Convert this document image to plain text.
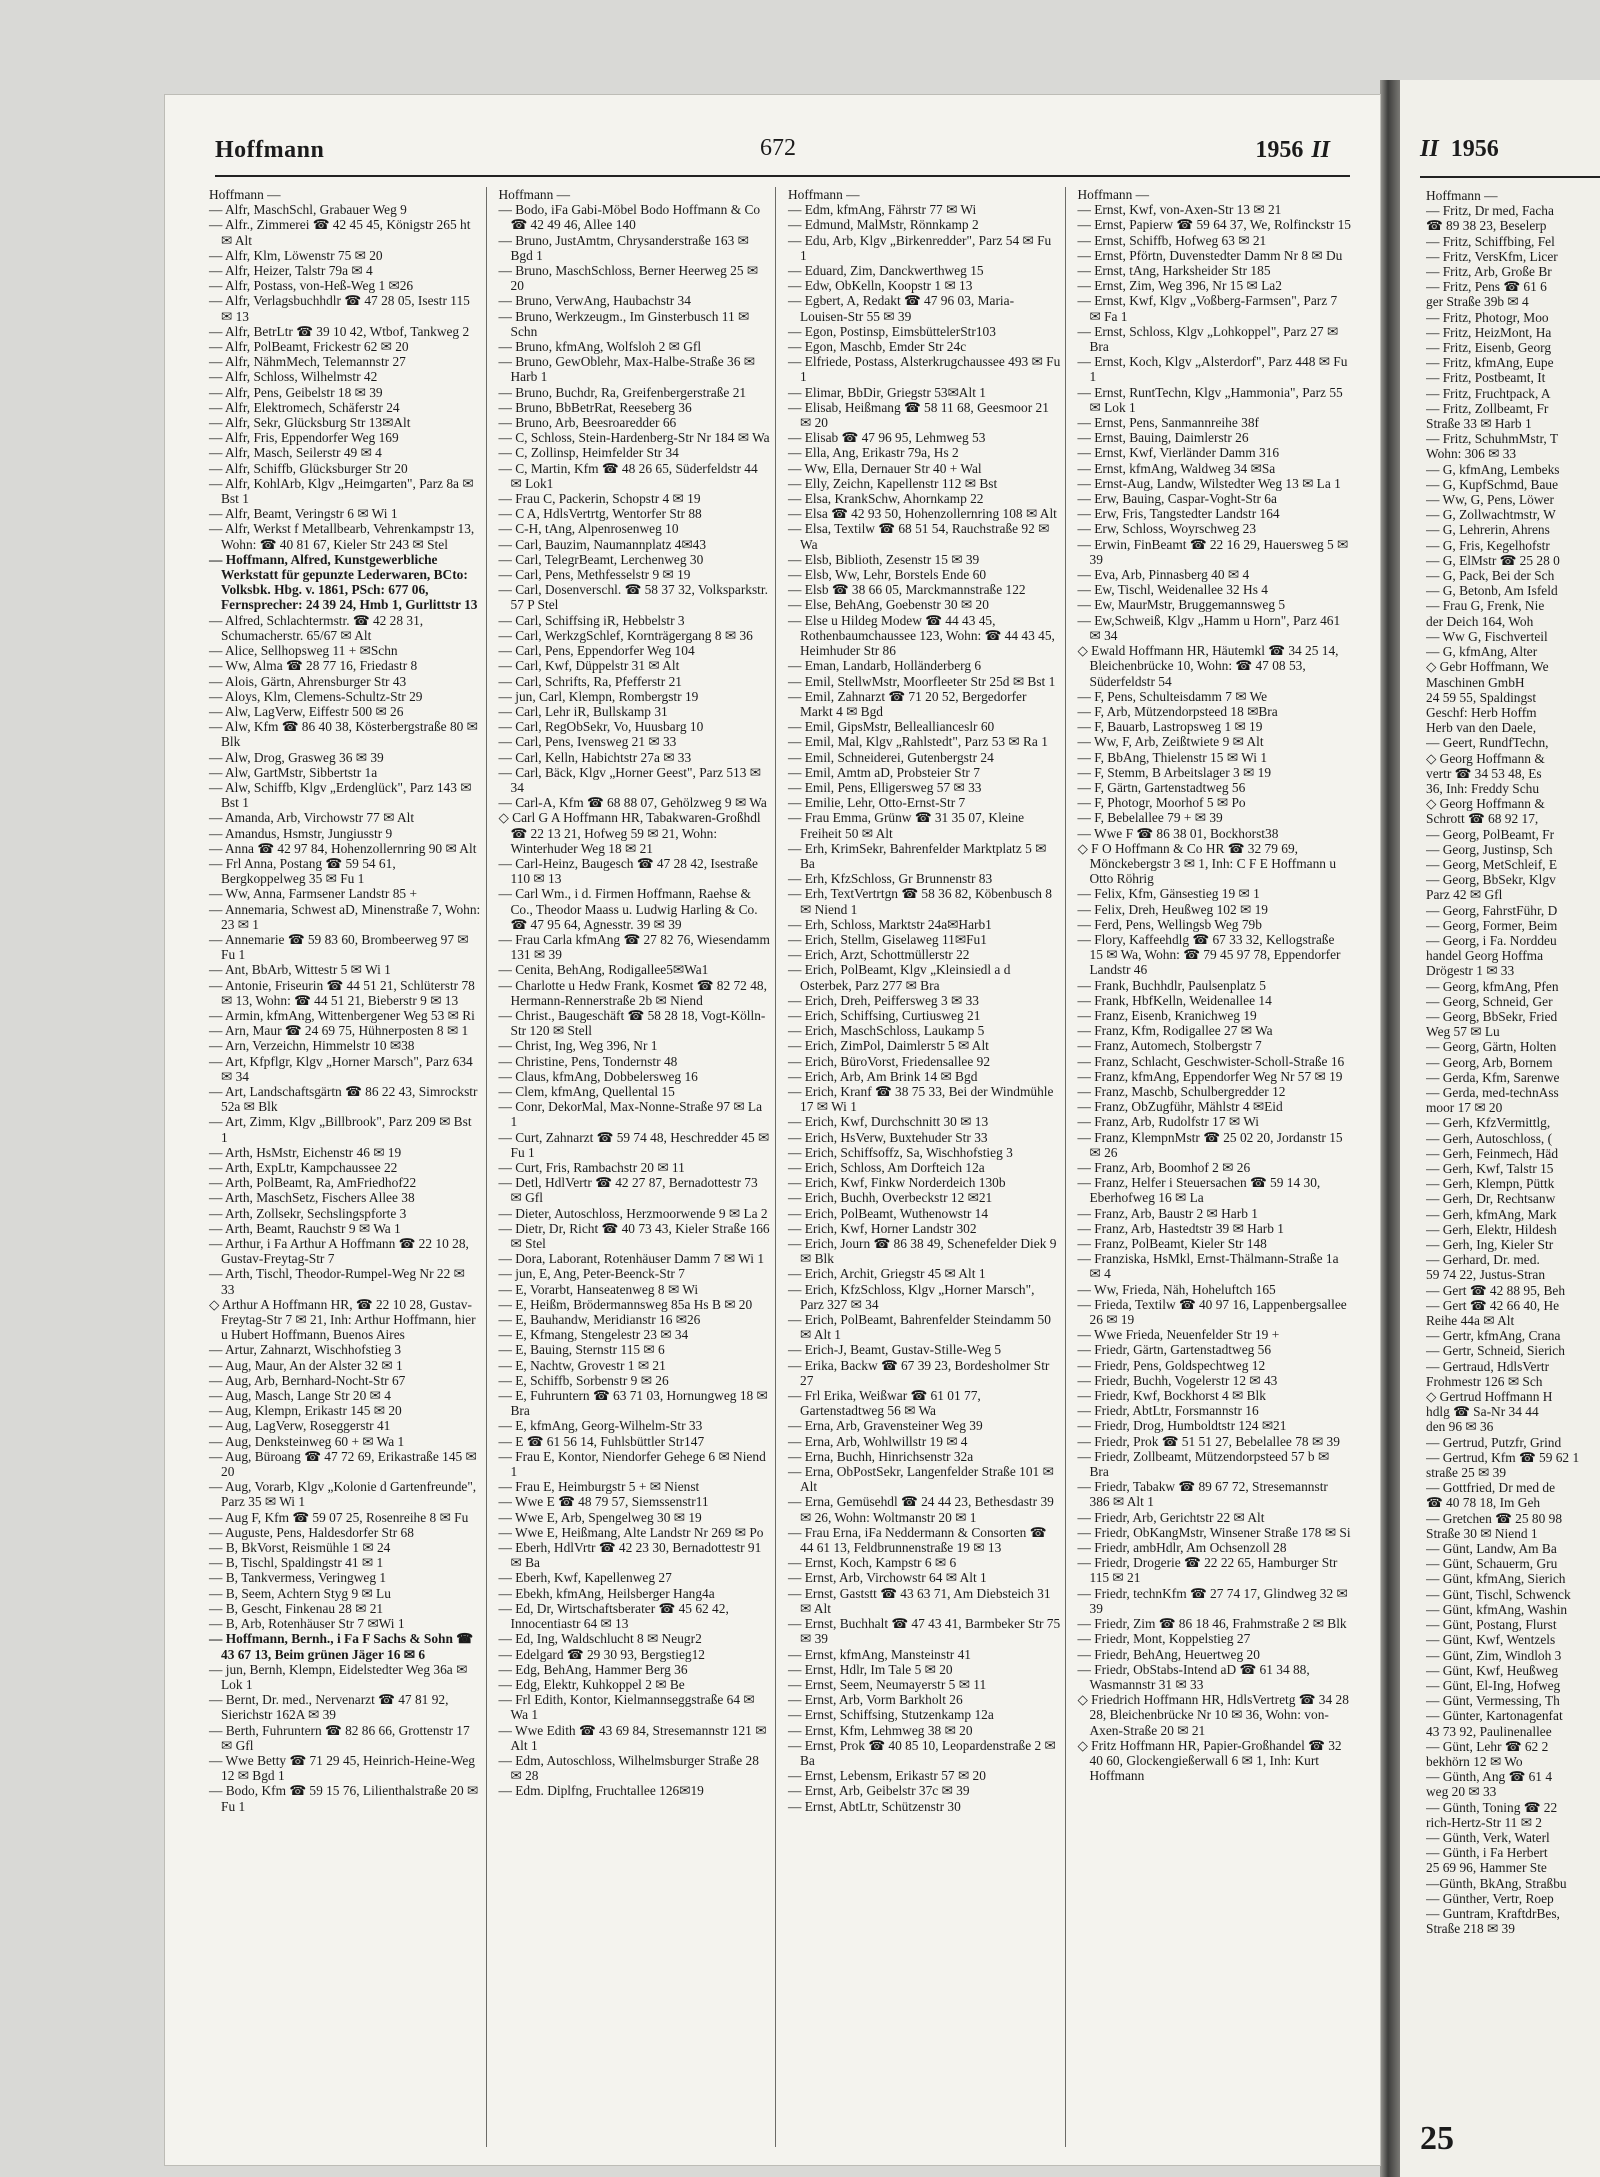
Hoffmann	672	1956 II

Hoffmann —

— Alfr, MaschSchl, Grabauer Weg 9

— Alfr., Zimmerei ☎ 42 45 45, Königstr 265 ht ✉ Alt

— Alfr, Klm, Löwenstr 75 ✉ 20

— Alfr, Heizer, Talstr 79a ✉ 4

— Alfr, Postass, von-Heß-Weg 1 ✉26

— Alfr, Verlagsbuchhdlr ☎ 47 28 05, Isestr 115 ✉ 13

— Alfr, BetrLtr ☎ 39 10 42, Wtbof, Tankweg 2

— Alfr, PolBeamt, Frickestr 62 ✉ 20

— Alfr, NähmMech, Telemannstr 27

— Alfr, Schloss, Wilhelmstr 42

— Alfr, Pens, Geibelstr 18 ✉ 39

— Alfr, Elektromech, Schäferstr 24

— Alfr, Sekr, Glücksburg Str 13✉Alt

— Alfr, Fris, Eppendorfer Weg 169

— Alfr, Masch, Seilerstr 49 ✉ 4

— Alfr, Schiffb, Glücksburger Str 20

— Alfr, KohlArb, Klgv „Heimgarten", Parz 8a ✉ Bst 1

— Alfr, Beamt, Veringstr 6 ✉ Wi 1

— Alfr, Werkst f Metallbearb, Vehrenkampstr 13, Wohn: ☎ 40 81 67, Kieler Str 243 ✉ Stel

— Hoffmann, Alfred, Kunstgewerbliche Werkstatt für gepunzte Lederwaren, BCto: Volksbk. Hbg. v. 1861, PSch: 677 06, Fernsprecher: 24 39 24, Hmb 1, Gurlittstr 13

— Alfred, Schlachtermstr. ☎ 42 28 31, Schumacherstr. 65/67 ✉ Alt

— Alice, Sellhopsweg 11 + ✉Schn

— Ww, Alma ☎ 28 77 16, Friedastr 8

— Alois, Gärtn, Ahrensburger Str 43

— Aloys, Klm, Clemens-Schultz-Str 29

— Alw, LagVerw, Eiffestr 500 ✉ 26

— Alw, Kfm ☎ 86 40 38, Kösterbergstraße 80 ✉ Blk

— Alw, Drog, Grasweg 36 ✉ 39

— Alw, GartMstr, Sibbertstr 1a

— Alw, Schiffb, Klgv „Erdenglück", Parz 143 ✉ Bst 1

— Amanda, Arb, Virchowstr 77 ✉ Alt

— Amandus, Hsmstr, Jungiusstr 9

— Anna ☎ 42 97 84, Hohenzollernring 90 ✉ Alt

— Frl Anna, Postang ☎ 59 54 61, Bergkoppelweg 35 ✉ Fu 1

— Ww, Anna, Farmsener Landstr 85 +

— Annemaria, Schwest aD, Minenstraße 7, Wohn: 23 ✉ 1

— Annemarie ☎ 59 83 60, Brombeerweg 97 ✉ Fu 1

— Ant, BbArb, Wittestr 5 ✉ Wi 1

— Antonie, Friseurin ☎ 44 51 21, Schlüterstr 78 ✉ 13, Wohn: ☎ 44 51 21, Bieberstr 9 ✉ 13

— Armin, kfmAng, Wittenbergener Weg 53 ✉ Ri

— Arn, Maur ☎ 24 69 75, Hühnerposten 8 ✉ 1

— Arn, Verzeichn, Himmelstr 10 ✉38

— Art, Kfpflgr, Klgv „Horner Marsch", Parz 634 ✉ 34

— Art, Landschaftsgärtn ☎ 86 22 43, Simrockstr 52a ✉ Blk

— Art, Zimm, Klgv „Billbrook", Parz 209 ✉ Bst 1

— Arth, HsMstr, Eichenstr 46 ✉ 19

— Arth, ExpLtr, Kampchaussee 22

— Arth, PolBeamt, Ra, AmFriedhof22

— Arth, MaschSetz, Fischers Allee 38

— Arth, Zollsekr, Sechslingspforte 3

— Arth, Beamt, Rauchstr 9 ✉ Wa 1

— Arthur, i Fa Arthur A Hoffmann ☎ 22 10 28, Gustav-Freytag-Str 7

— Arth, Tischl, Theodor-Rumpel-Weg Nr 22 ✉ 33

◇ Arthur A Hoffmann HR, ☎ 22 10 28, Gustav-Freytag-Str 7 ✉ 21, Inh: Arthur Hoffmann, hier u Hubert Hoffmann, Buenos Aires

— Artur, Zahnarzt, Wischhofstieg 3

— Aug, Maur, An der Alster 32 ✉ 1

— Aug, Arb, Bernhard-Nocht-Str 67

— Aug, Masch, Lange Str 20 ✉ 4

— Aug, Klempn, Erikastr 145 ✉ 20

— Aug, LagVerw, Roseggerstr 41

— Aug, Denksteinweg 60 + ✉ Wa 1

— Aug, Büroang ☎ 47 72 69, Erikastraße 145 ✉ 20

— Aug, Vorarb, Klgv „Kolonie d Gartenfreunde", Parz 35 ✉ Wi 1

— Aug F, Kfm ☎ 59 07 25, Rosenreihe 8 ✉ Fu

— Auguste, Pens, Haldesdorfer Str 68

— B, BkVorst, Reismühle 1 ✉ 24

— B, Tischl, Spaldingstr 41 ✉ 1

— B, Tankvermess, Veringweg 1

— B, Seem, Achtern Styg 9 ✉ Lu

— B, Gescht, Finkenau 28 ✉ 21

— B, Arb, Rotenhäuser Str 7 ✉Wi 1

— Hoffmann, Bernh., i Fa F Sachs & Sohn ☎ 43 67 13, Beim grünen Jäger 16 ✉ 6

— jun, Bernh, Klempn, Eidelstedter Weg 36a ✉ Lok 1

— Bernt, Dr. med., Nervenarzt ☎ 47 81 92, Sierichstr 162A ✉ 39

— Berth, Fuhruntern ☎ 82 86 66, Grottenstr 17 ✉ Gfl

— Wwe Betty ☎ 71 29 45, Heinrich-Heine-Weg 12 ✉ Bgd 1

— Bodo, Kfm ☎ 59 15 76, Lilienthalstraße 20 ✉ Fu 1

Hoffmann —

— Bodo, iFa Gabi-Möbel Bodo Hoffmann & Co ☎ 42 49 46, Allee 140

— Bruno, JustAmtm, Chrysanderstraße 163 ✉ Bgd 1

— Bruno, MaschSchloss, Berner Heerweg 25 ✉ 20

— Bruno, VerwAng, Haubachstr 34

— Bruno, Werkzeugm., Im Ginsterbusch 11 ✉ Schn

— Bruno, kfmAng, Wolfsloh 2 ✉ Gfl

— Bruno, GewOblehr, Max-Halbe-Straße 36 ✉ Harb 1

— Bruno, Buchdr, Ra, Greifenbergerstraße 21

— Bruno, BbBetrRat, Reeseberg 36

— Bruno, Arb, Beesroaredder 66

— C, Schloss, Stein-Hardenberg-Str Nr 184 ✉ Wa

— C, Zollinsp, Heimfelder Str 34

— C, Martin, Kfm ☎ 48 26 65, Süderfeldstr 44 ✉ Lok1

— Frau C, Packerin, Schopstr 4 ✉ 19

— C A, HdlsVertrtg, Wentorfer Str 88

— C-H, tAng, Alpenrosenweg 10

— Carl, Bauzim, Naumannplatz 4✉43

— Carl, TelegrBeamt, Lerchenweg 30

— Carl, Pens, Methfesselstr 9 ✉ 19

— Carl, Dosenverschl. ☎ 58 37 32, Volksparkstr. 57 P Stel

— Carl, Schiffsing iR, Hebbelstr 3

— Carl, WerkzgSchlef, Kornträgergang 8 ✉ 36

— Carl, Pens, Eppendorfer Weg 104

— Carl, Kwf, Düppelstr 31 ✉ Alt

— Carl, Schrifts, Ra, Pfefferstr 21

— jun, Carl, Klempn, Rombergstr 19

— Carl, Lehr iR, Bullskamp 31

— Carl, RegObSekr, Vo, Huusbarg 10

— Carl, Pens, Ivensweg 21 ✉ 33

— Carl, Kelln, Habichtstr 27a ✉ 33

— Carl, Bäck, Klgv „Horner Geest", Parz 513 ✉ 34

— Carl-A, Kfm ☎ 68 88 07, Gehölzweg 9 ✉ Wa

◇ Carl G A Hoffmann HR, Tabakwaren-Großhdl ☎ 22 13 21, Hofweg 59 ✉ 21, Wohn: Winterhuder Weg 18 ✉ 21

— Carl-Heinz, Baugesch ☎ 47 28 42, Isestraße 110 ✉ 13

— Carl Wm., i d. Firmen Hoffmann, Raehse & Co., Theodor Maass u. Ludwig Harling & Co. ☎ 47 95 64, Agnesstr. 39 ✉ 39

— Frau Carla kfmAng ☎ 27 82 76, Wiesendamm 131 ✉ 39

— Cenita, BehAng, Rodigallee5✉Wa1

— Charlotte u Hedw Frank, Kosmet ☎ 82 72 48, Hermann-Rennerstraße 2b ✉ Niend

— Christ., Baugeschäft ☎ 58 28 18, Vogt-Kölln-Str 120 ✉ Stell

— Christ, Ing, Weg 396, Nr 1

— Christine, Pens, Tondernstr 48

— Claus, kfmAng, Dobbelersweg 16

— Clem, kfmAng, Quellental 15

— Conr, DekorMal, Max-Nonne-Straße 97 ✉ La 1

— Curt, Zahnarzt ☎ 59 74 48, Heschredder 45 ✉ Fu 1

— Curt, Fris, Rambachstr 20 ✉ 11

— Detl, HdlVertr ☎ 42 27 87, Bernadottestr 73 ✉ Gfl

— Dieter, Autoschloss, Herzmoorwende 9 ✉ La 2

— Dietr, Dr, Richt ☎ 40 73 43, Kieler Straße 166 ✉ Stel

— Dora, Laborant, Rotenhäuser Damm 7 ✉ Wi 1

— jun, E, Ang, Peter-Beenck-Str 7

— E, Vorarbt, Hanseatenweg 8 ✉ Wi

— E, Heißm, Brödermannsweg 85a Hs B ✉ 20

— E, Bauhandw, Meridianstr 16 ✉26

— E, Kfmang, Stengelestr 23 ✉ 34

— E, Bauing, Sternstr 115 ✉ 6

— E, Nachtw, Grovestr 1 ✉ 21

— E, Schiffb, Sorbenstr 9 ✉ 26

— E, Fuhruntern ☎ 63 71 03, Hornungweg 18 ✉ Bra

— E, kfmAng, Georg-Wilhelm-Str 33

— E ☎ 61 56 14, Fuhlsbüttler Str147

— Frau E, Kontor, Niendorfer Gehege 6 ✉ Niend 1

— Frau E, Heimburgstr 5 + ✉ Nienst

— Wwe E ☎ 48 79 57, Siemssenstr11

— Wwe E, Arb, Spengelweg 30 ✉ 19

— Wwe E, Heißmang, Alte Landstr Nr 269 ✉ Po

— Eberh, HdlVrtr ☎ 42 23 30, Bernadottestr 91 ✉ Ba

— Eberh, Kwf, Kapellenweg 27

— Ebekh, kfmAng, Heilsberger Hang4a

— Ed, Dr, Wirtschaftsberater ☎ 45 62 42, Innocentiastr 64 ✉ 13

— Ed, Ing, Waldschlucht 8 ✉ Neugr2

— Edelgard ☎ 29 30 93, Bergstieg12

— Edg, BehAng, Hammer Berg 36

— Edg, Elektr, Kuhkoppel 2 ✉ Be

— Frl Edith, Kontor, Kielmannseggstraße 64 ✉ Wa 1

— Wwe Edith ☎ 43 69 84, Stresemannstr 121 ✉ Alt 1

— Edm, Autoschloss, Wilhelmsburger Straße 28 ✉ 28

— Edm. Diplfng, Fruchtallee 126✉19

Hoffmann —

— Edm, kfmAng, Fährstr 77 ✉ Wi

— Edmund, MalMstr, Rönnkamp 2

— Edu, Arb, Klgv „Birkenredder", Parz 54 ✉ Fu 1

— Eduard, Zim, Danckwerthweg 15

— Edw, ObKelln, Koopstr 1 ✉ 13

— Egbert, A, Redakt ☎ 47 96 03, Maria-Louisen-Str 55 ✉ 39

— Egon, Postinsp, EimsbüttelerStr103

— Egon, Maschb, Emder Str 24c

— Elfriede, Postass, Alsterkrugchaussee 493 ✉ Fu 1

— Elimar, BbDir, Griegstr 53✉Alt 1

— Elisab, Heißmang ☎ 58 11 68, Geesmoor 21 ✉ 20

— Elisab ☎ 47 96 95, Lehmweg 53

— Ella, Ang, Erikastr 79a, Hs 2

— Ww, Ella, Dernauer Str 40 + Wal

— Elly, Zeichn, Kapellenstr 112 ✉ Bst

— Elsa, KrankSchw, Ahornkamp 22

— Elsa ☎ 42 93 50, Hohenzollernring 108 ✉ Alt

— Elsa, Textilw ☎ 68 51 54, Rauchstraße 92 ✉ Wa

— Elsb, Biblioth, Zesenstr 15 ✉ 39

— Elsb, Ww, Lehr, Borstels Ende 60

— Elsb ☎ 38 66 05, Marckmannstraße 122

— Else, BehAng, Goebenstr 30 ✉ 20

— Else u Hildeg Modew ☎ 44 43 45, Rothenbaumchaussee 123, Wohn: ☎ 44 43 45, Heimhuder Str 86

— Eman, Landarb, Holländerberg 6

— Emil, StellwMstr, Moorfleeter Str 25d ✉ Bst 1

— Emil, Zahnarzt ☎ 71 20 52, Bergedorfer Markt 4 ✉ Bgd

— Emil, GipsMstr, Belleallianceslr 60

— Emil, Mal, Klgv „Rahlstedt", Parz 53 ✉ Ra 1

— Emil, Schneiderei, Gutenbergstr 24

— Emil, Amtm aD, Probsteier Str 7

— Emil, Pens, Elligersweg 57 ✉ 33

— Emilie, Lehr, Otto-Ernst-Str 7

— Frau Emma, Grünw ☎ 31 35 07, Kleine Freiheit 50 ✉ Alt

— Erh, KrimSekr, Bahrenfelder Marktplatz 5 ✉ Ba

— Erh, KfzSchloss, Gr Brunnenstr 83

— Erh, TextVertrtgn ☎ 58 36 82, Köbenbusch 8 ✉ Niend 1

— Erh, Schloss, Marktstr 24a✉Harb1

— Erich, Stellm, Giselaweg 11✉Fu1

— Erich, Arzt, Schottmüllerstr 22

— Erich, PolBeamt, Klgv „Kleinsiedl a d Osterbek, Parz 277 ✉ Bra

— Erich, Dreh, Peiffersweg 3 ✉ 33

— Erich, Schiffsing, Curtiusweg 21

— Erich, MaschSchloss, Laukamp 5

— Erich, ZimPol, Daimlerstr 5 ✉ Alt

— Erich, BüroVorst, Friedensallee 92

— Erich, Arb, Am Brink 14 ✉ Bgd

— Erich, Kranf ☎ 38 75 33, Bei der Windmühle 17 ✉ Wi 1

— Erich, Kwf, Durchschnitt 30 ✉ 13

— Erich, HsVerw, Buxtehuder Str 33

— Erich, Schiffsoffz, Sa, Wischhofstieg 3

— Erich, Schloss, Am Dorfteich 12a

— Erich, Kwf, Finkw Norderdeich 130b

— Erich, Buchh, Overbeckstr 12 ✉21

— Erich, PolBeamt, Wuthenowstr 14

— Erich, Kwf, Horner Landstr 302

— Erich, Journ ☎ 86 38 49, Schenefelder Diek 9 ✉ Blk

— Erich, Archit, Griegstr 45 ✉ Alt 1

— Erich, KfzSchloss, Klgv „Horner Marsch", Parz 327 ✉ 34

— Erich, PolBeamt, Bahrenfelder Steindamm 50 ✉ Alt 1

— Erich-J, Beamt, Gustav-Stille-Weg 5

— Erika, Backw ☎ 67 39 23, Bordesholmer Str 27

— Frl Erika, Weißwar ☎ 61 01 77, Gartenstadtweg 56 ✉ Wa

— Erna, Arb, Gravensteiner Weg 39

— Erna, Arb, Wohlwillstr 19 ✉ 4

— Erna, Buchh, Hinrichsenstr 32a

— Erna, ObPostSekr, Langenfelder Straße 101 ✉ Alt

— Erna, Gemüsehdl ☎ 24 44 23, Bethesdastr 39 ✉ 26, Wohn: Woltmanstr 20 ✉ 1

— Frau Erna, iFa Neddermann & Consorten ☎ 44 61 13, Feldbrunnenstraße 19 ✉ 13

— Ernst, Koch, Kampstr 6 ✉ 6

— Ernst, Arb, Virchowstr 64 ✉ Alt 1

— Ernst, Gaststt ☎ 43 63 71, Am Diebsteich 31 ✉ Alt

— Ernst, Buchhalt ☎ 47 43 41, Barmbeker Str 75 ✉ 39

— Ernst, kfmAng, Mansteinstr 41

— Ernst, Hdlr, Im Tale 5 ✉ 20

— Ernst, Seem, Neumayerstr 5 ✉ 11

— Ernst, Arb, Vorm Barkholt 26

— Ernst, Schiffsing, Stutzenkamp 12a

— Ernst, Kfm, Lehmweg 38 ✉ 20

— Ernst, Prok ☎ 40 85 10, Leopardenstraße 2 ✉ Ba

— Ernst, Lebensm, Erikastr 57 ✉ 20

— Ernst, Arb, Geibelstr 37c ✉ 39

— Ernst, AbtLtr, Schützenstr 30

Hoffmann —

— Ernst, Kwf, von-Axen-Str 13 ✉ 21

— Ernst, Papierw ☎ 59 64 37, We, Rolfinckstr 15

— Ernst, Schiffb, Hofweg 63 ✉ 21

— Ernst, Pförtn, Duvenstedter Damm Nr 8 ✉ Du

— Ernst, tAng, Harksheider Str 185

— Ernst, Zim, Weg 396, Nr 15 ✉ La2

— Ernst, Kwf, Klgv „Voßberg-Farmsen", Parz 7 ✉ Fa 1

— Ernst, Schloss, Klgv „Lohkoppel", Parz 27 ✉ Bra

— Ernst, Koch, Klgv „Alsterdorf", Parz 448 ✉ Fu 1

— Ernst, RuntTechn, Klgv „Hammonia", Parz 55 ✉ Lok 1

— Ernst, Pens, Sanmannreihe 38f

— Ernst, Bauing, Daimlerstr 26

— Ernst, Kwf, Vierländer Damm 316

— Ernst, kfmAng, Waldweg 34 ✉Sa

— Ernst-Aug, Landw, Wilstedter Weg 13 ✉ La 1

— Erw, Bauing, Caspar-Voght-Str 6a

— Erw, Fris, Tangstedter Landstr 164

— Erw, Schloss, Woyrschweg 23

— Erwin, FinBeamt ☎ 22 16 29, Hauersweg 5 ✉ 39

— Eva, Arb, Pinnasberg 40 ✉ 4

— Ew, Tischl, Weidenallee 32 Hs 4

— Ew, MaurMstr, Bruggemannsweg 5

— Ew,Schweiß, Klgv „Hamm u Horn", Parz 461 ✉ 34

◇ Ewald Hoffmann HR, Häutemkl ☎ 34 25 14, Bleichenbrücke 10, Wohn: ☎ 47 08 53, Süderfeldstr 54

— F, Pens, Schulteisdamm 7 ✉ We

— F, Arb, Mützendorpsteed 18 ✉Bra

— F, Bauarb, Lastropsweg 1 ✉ 19

— Ww, F, Arb, Zeißtwiete 9 ✉ Alt

— F, BbAng, Thielenstr 15 ✉ Wi 1

— F, Stemm, B Arbeitslager 3 ✉ 19

— F, Gärtn, Gartenstadtweg 56

— F, Photogr, Moorhof 5 ✉ Po

— F, Bebelallee 79 + ✉ 39

— Wwe F ☎ 86 38 01, Bockhorst38

◇ F O Hoffmann & Co HR ☎ 32 79 69, Mönckebergstr 3 ✉ 1, Inh: C F E Hoffmann u Otto Röhrig

— Felix, Kfm, Gänsestieg 19 ✉ 1

— Felix, Dreh, Heußweg 102 ✉ 19

— Ferd, Pens, Wellingsb Weg 79b

— Flory, Kaffeehdlg ☎ 67 33 32, Kellogstraße 15 ✉ Wa, Wohn: ☎ 79 45 97 78, Eppendorfer Landstr 46

— Frank, Buchhdlr, Paulsenplatz 5

— Frank, HbfKelln, Weidenallee 14

— Franz, Eisenb, Kranichweg 19

— Franz, Kfm, Rodigallee 27 ✉ Wa

— Franz, Automech, Stolbergstr 7

— Franz, Schlacht, Geschwister-Scholl-Straße 16

— Franz, kfmAng, Eppendorfer Weg Nr 57 ✉ 19

— Franz, Maschb, Schulbergredder 12

— Franz, ObZugführ, Mählstr 4 ✉Eid

— Franz, Arb, Rudolfstr 17 ✉ Wi

— Franz, KlempnMstr ☎ 25 02 20, Jordanstr 15 ✉ 26

— Franz, Arb, Boomhof 2 ✉ 26

— Franz, Helfer i Steuersachen ☎ 59 14 30, Eberhofweg 16 ✉ La

— Franz, Arb, Baustr 2 ✉ Harb 1

— Franz, Arb, Hastedtstr 39 ✉ Harb 1

— Franz, PolBeamt, Kieler Str 148

— Franziska, HsMkl, Ernst-Thälmann-Straße 1a ✉ 4

— Ww, Frieda, Näh, Hoheluftch 165

— Frieda, Textilw ☎ 40 97 16, Lappenbergsallee 26 ✉ 19

— Wwe Frieda, Neuenfelder Str 19 +

— Friedr, Gärtn, Gartenstadtweg 56

— Friedr, Pens, Goldspechtweg 12

— Friedr, Buchh, Vogelerstr 12 ✉ 43

— Friedr, Kwf, Bockhorst 4 ✉ Blk

— Friedr, AbtLtr, Forsmannstr 16

— Friedr, Drog, Humboldtstr 124 ✉21

— Friedr, Prok ☎ 51 51 27, Bebelallee 78 ✉ 39

— Friedr, Zollbeamt, Mützendorpsteed 57 b ✉ Bra

— Friedr, Tabakw ☎ 89 67 72, Stresemannstr 386 ✉ Alt 1

— Friedr, Arb, Gerichtstr 22 ✉ Alt

— Friedr, ObKangMstr, Winsener Straße 178 ✉ Si

— Friedr, ambHdlr, Am Ochsenzoll 28

— Friedr, Drogerie ☎ 22 22 65, Hamburger Str 115 ✉ 21

— Friedr, technKfm ☎ 27 74 17, Glindweg 32 ✉ 39

— Friedr, Zim ☎ 86 18 46, Frahmstraße 2 ✉ Blk

— Friedr, Mont, Koppelstieg 27

— Friedr, BehAng, Heuertweg 20

— Friedr, ObStabs-Intend aD ☎ 61 34 88, Wasmannstr 31 ✉ 33

◇ Friedrich Hoffmann HR, HdlsVertretg ☎ 34 28 28, Bleichenbrücke Nr 10 ✉ 36, Wohn: von-Axen-Straße 20 ✉ 21

◇ Fritz Hoffmann HR, Papier-Großhandel ☎ 32 40 60, Glockengießerwall 6 ✉ 1, Inh: Kurt Hoffmann

II 1956
Hoffmann —
— Fritz, Dr med, Facha
☎ 89 38 23, Beselerp
— Fritz, Schiffbing, Fel
— Fritz, VersKfm, Licer
— Fritz, Arb, Große Br
— Fritz, Pens ☎ 61 6
ger Straße 39b ✉ 4
— Fritz, Photogr, Moo
— Fritz, HeizMont, Ha
— Fritz, Eisenb, Georg
— Fritz, kfmAng, Eupe
— Fritz, Postbeamt, It
— Fritz, Fruchtpack, A
— Fritz, Zollbeamt, Fr
Straße 33 ✉ Harb 1
— Fritz, SchuhmMstr, T
Wohn: 306 ✉ 33
— G, kfmAng, Lembeks
— G, KupfSchmd, Baue
— Ww, G, Pens, Löwer
— G, Zollwachtmstr, W
— G, Lehrerin, Ahrens
— G, Fris, Kegelhofstr
— G, ElMstr ☎ 25 28 0
— G, Pack, Bei der Sch
— G, Betonb, Am Isfeld
— Frau G, Frenk, Nie
der Deich 164, Woh
— Ww G, Fischverteil
— G, kfmAng, Alter
◇ Gebr Hoffmann, We
Maschinen GmbH
24 59 55, Spaldingst
Geschf: Herb Hoffm
Herb van den Daele,
— Geert, RundfTechn,
◇ Georg Hoffmann &
vertr ☎ 34 53 48, Es
36, Inh: Freddy Schu
◇ Georg Hoffmann &
Schrott ☎ 68 92 17,
— Georg, PolBeamt, Fr
— Georg, Justinsp, Sch
— Georg, MetSchleif, E
— Georg, BbSekr, Klgv
Parz 42 ✉ Gfl
— Georg, FahrstFühr, D
— Georg, Former, Beim
— Georg, i Fa. Norddeu
handel Georg Hoffma
Drögestr 1 ✉ 33
— Georg, kfmAng, Pfen
— Georg, Schneid, Ger
— Georg, BbSekr, Fried
Weg 57 ✉ Lu
— Georg, Gärtn, Holten
— Georg, Arb, Bornem
— Gerda, Kfm, Sarenwe
— Gerda, med-technAss
moor 17 ✉ 20
— Gerh, KfzVermittlg,
— Gerh, Autoschloss, (
— Gerh, Feinmech, Häd
— Gerh, Kwf, Talstr 15
— Gerh, Klempn, Püttk
— Gerh, Dr, Rechtsanw
— Gerh, kfmAng, Mark
— Gerh, Elektr, Hildesh
— Gerh, Ing, Kieler Str
— Gerhard, Dr. med.
59 74 22, Justus-Stran
— Gert ☎ 42 88 95, Beh
— Gert ☎ 42 66 40, He
Reihe 44a ✉ Alt
— Gertr, kfmAng, Crana
— Gertr, Schneid, Sierich
— Gertraud, HdlsVertr
Frohmestr 126 ✉ Sch
◇ Gertrud Hoffmann H
hdlg ☎ Sa-Nr 34 44
den 96 ✉ 36
— Gertrud, Putzfr, Grind
— Gertrud, Kfm ☎ 59 62 1
straße 25 ✉ 39
— Gottfried, Dr med de
☎ 40 78 18, Im Geh
— Gretchen ☎ 25 80 98
Straße 30 ✉ Niend 1
— Günt, Landw, Am Ba
— Günt, Schauerm, Gru
— Günt, kfmAng, Sierich
— Günt, Tischl, Schwenck
— Günt, kfmAng, Washin
— Günt, Postang, Flurst
— Günt, Kwf, Wentzels
— Günt, Zim, Windloh 3
— Günt, Kwf, Heußweg
— Günt, El-Ing, Hofweg
— Günt, Vermessing, Th
— Günter, Kartonagenfat
43 73 92, Paulinenallee
— Günt, Lehr ☎ 62 2
bekhörn 12 ✉ Wo
— Günth, Ang ☎ 61 4
weg 20 ✉ 33
— Günth, Toning ☎ 22
rich-Hertz-Str 11 ✉ 2
— Günth, Verk, Waterl
— Günth, i Fa Herbert
25 69 96, Hammer Ste
—Günth, BkAng, Straßbu
— Günther, Vertr, Roep
— Guntram, KraftdrBes,
Straße 218 ✉ 39
25
